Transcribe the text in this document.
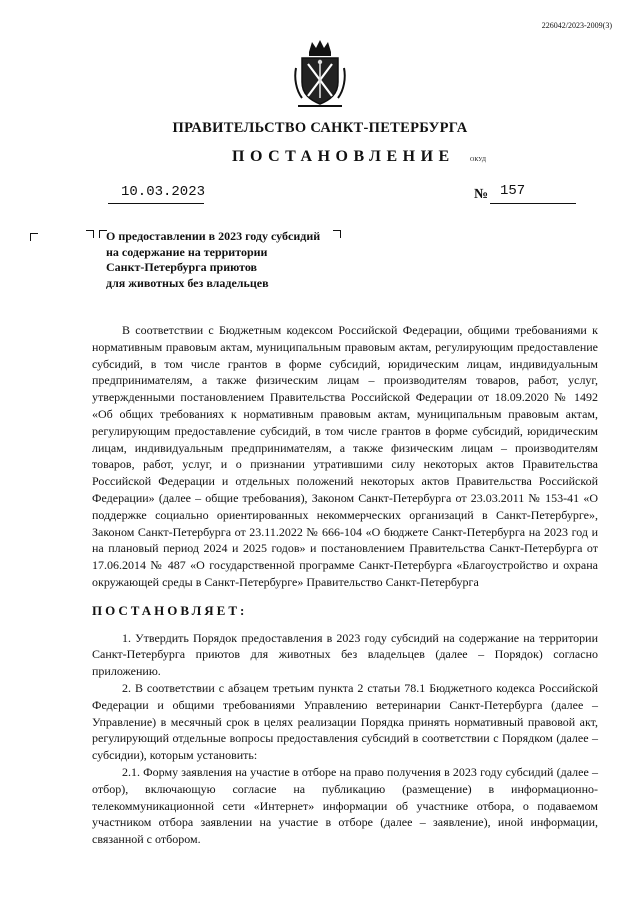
226042/2023-2009(3)
ПРАВИТЕЛЬСТВО САНКТ-ПЕТЕРБУРГА
ПОСТАНОВЛЕНИЕ	ОКУД
10.03.2023	№ 157
О предоставлении в 2023 году субсидий
на содержание на территории
Санкт-Петербурга приютов
для животных без владельцев

В соответствии с Бюджетным кодексом Российской Федерации, общими требованиями к нормативным правовым актам, муниципальным правовым актам, регулирующим предоставление субсидий, в том числе грантов в форме субсидий, юридическим лицам, индивидуальным предпринимателям, а также физическим лицам – производителям товаров, работ, услуг, утвержденными постановлением Правительства Российской Федерации от 18.09.2020 № 1492 «Об общих требованиях к нормативным правовым актам, муниципальным правовым актам, регулирующим предоставление субсидий, в том числе грантов в форме субсидий, юридическим лицам, индивидуальным предпринимателям, а также физическим лицам – производителям товаров, работ, услуг, и о признании утратившими силу некоторых актов Правительства Российской Федерации и отдельных положений некоторых актов Правительства Российской Федерации» (далее – общие требования), Законом Санкт-Петербурга от 23.03.2011 № 153-41 «О поддержке социально ориентированных некоммерческих организаций в Санкт-Петербурге», Законом Санкт-Петербурга от 23.11.2022 № 666-104 «О бюджете Санкт-Петербурга на 2023 год и на плановый период 2024 и 2025 годов» и постановлением Правительства Санкт-Петербурга от 17.06.2014 № 487 «О государственной программе Санкт-Петербурга «Благоустройство и охрана окружающей среды в Санкт-Петербурге» Правительство Санкт-Петербурга

ПОСТАНОВЛЯЕТ:

1. Утвердить Порядок предоставления в 2023 году субсидий на содержание на территории Санкт-Петербурга приютов для животных без владельцев (далее – Порядок) согласно приложению.

2. В соответствии с абзацем третьим пункта 2 статьи 78.1 Бюджетного кодекса Российской Федерации и общими требованиями Управлению ветеринарии Санкт-Петербурга (далее – Управление) в месячный срок в целях реализации Порядка принять нормативный правовой акт, регулирующий отдельные вопросы предоставления субсидий в соответствии с Порядком (далее – субсидии), которым установить:

2.1. Форму заявления на участие в отборе на право получения в 2023 году субсидий (далее – отбор), включающую согласие на публикацию (размещение) в информационно-телекоммуникационной сети «Интернет» информации об участнике отбора, о подаваемом участником отбора заявлении на участие в отборе (далее – заявление), иной информации, связанной с отбором.
